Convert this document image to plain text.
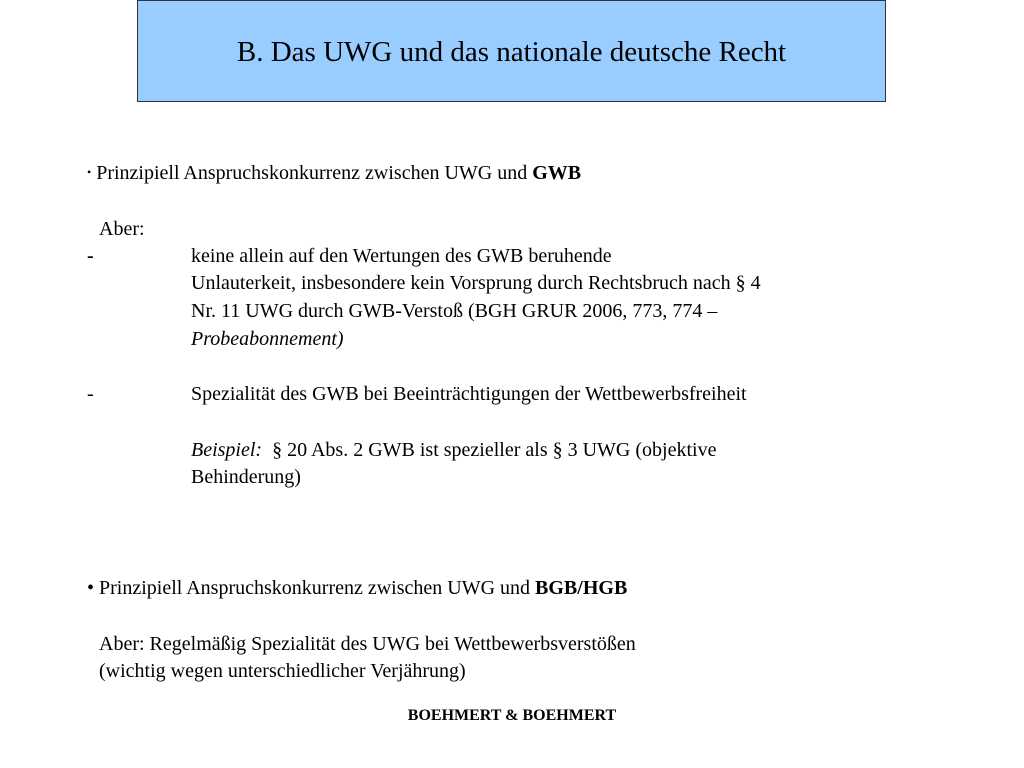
B. Das UWG und das nationale deutsche Recht
• Prinzipiell Anspruchskonkurrenz zwischen UWG und GWB
Aber:
-	keine allein auf den Wertungen des GWB beruhende
Unlauterkeit, insbesondere kein Vorsprung durch Rechtsbruch nach § 4
Nr. 11 UWG durch GWB-Verstoß (BGH GRUR 2006, 773, 774 –
Probeabonnement)
-	Spezialität des GWB bei Beeinträchtigungen der Wettbewerbsfreiheit
Beispiel: § 20 Abs. 2 GWB ist spezieller als § 3 UWG (objektive
Behinderung)
• Prinzipiell Anspruchskonkurrenz zwischen UWG und BGB/HGB
Aber: Regelmäßig Spezialität des UWG bei Wettbewerbsverstößen
(wichtig wegen unterschiedlicher Verjährung)
BOEHMERT & BOEHMERT
